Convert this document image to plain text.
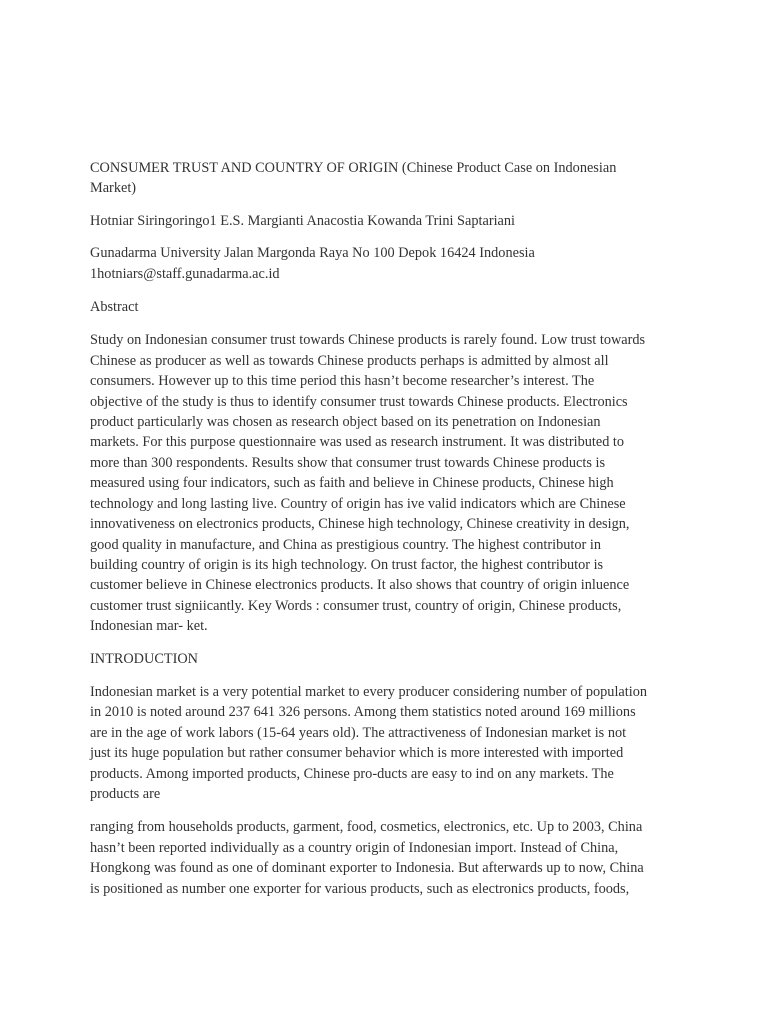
CONSUMER TRUST AND COUNTRY OF ORIGIN (Chinese Product Case on Indonesian
Market)

Hotniar Siringoringo1 E.S. Margianti Anacostia Kowanda Trini Saptariani

Gunadarma University Jalan Margonda Raya No 100 Depok 16424 Indonesia
1hotniars@staff.gunadarma.ac.id

Abstract

Study on Indonesian consumer trust towards Chinese products is rarely found. Low trust towards
Chinese as producer as well as towards Chinese products perhaps is admitted by almost all
consumers. However up to this time period this hasn’t become researcher’s interest. The
objective of the study is thus to identify consumer trust towards Chinese products. Electronics
product particularly was chosen as research object based on its penetration on Indonesian
markets. For this purpose questionnaire was used as research instrument. It was distributed to
more than 300 respondents. Results show that consumer trust towards Chinese products is
measured using four indicators, such as faith and believe in Chinese products, Chinese high
technology and long lasting live. Country of origin has ive valid indicators which are Chinese
innovativeness on electronics products, Chinese high technology, Chinese creativity in design,
good quality in manufacture, and China as prestigious country. The highest contributor in
building country of origin is its high technology. On trust factor, the highest contributor is
customer believe in Chinese electronics products. It also shows that country of origin inluence
customer trust signiicantly. Key Words : consumer trust, country of origin, Chinese products,
Indonesian mar- ket.

INTRODUCTION

Indonesian market is a very potential market to every producer considering number of population
in 2010 is noted around 237 641 326 persons. Among them statistics noted around 169 millions
are in the age of work labors (15-64 years old). The attractiveness of Indonesian market is not
just its huge population but rather consumer behavior which is more interested with imported
products. Among imported products, Chinese pro-ducts are easy to ind on any markets. The
products are

ranging from households products, garment, food, cosmetics, electronics, etc. Up to 2003, China
hasn’t been reported individually as a country origin of Indonesian import. Instead of China,
Hongkong was found as one of dominant exporter to Indonesia. But afterwards up to now, China
is positioned as number one exporter for various products, such as electronics products, foods,
